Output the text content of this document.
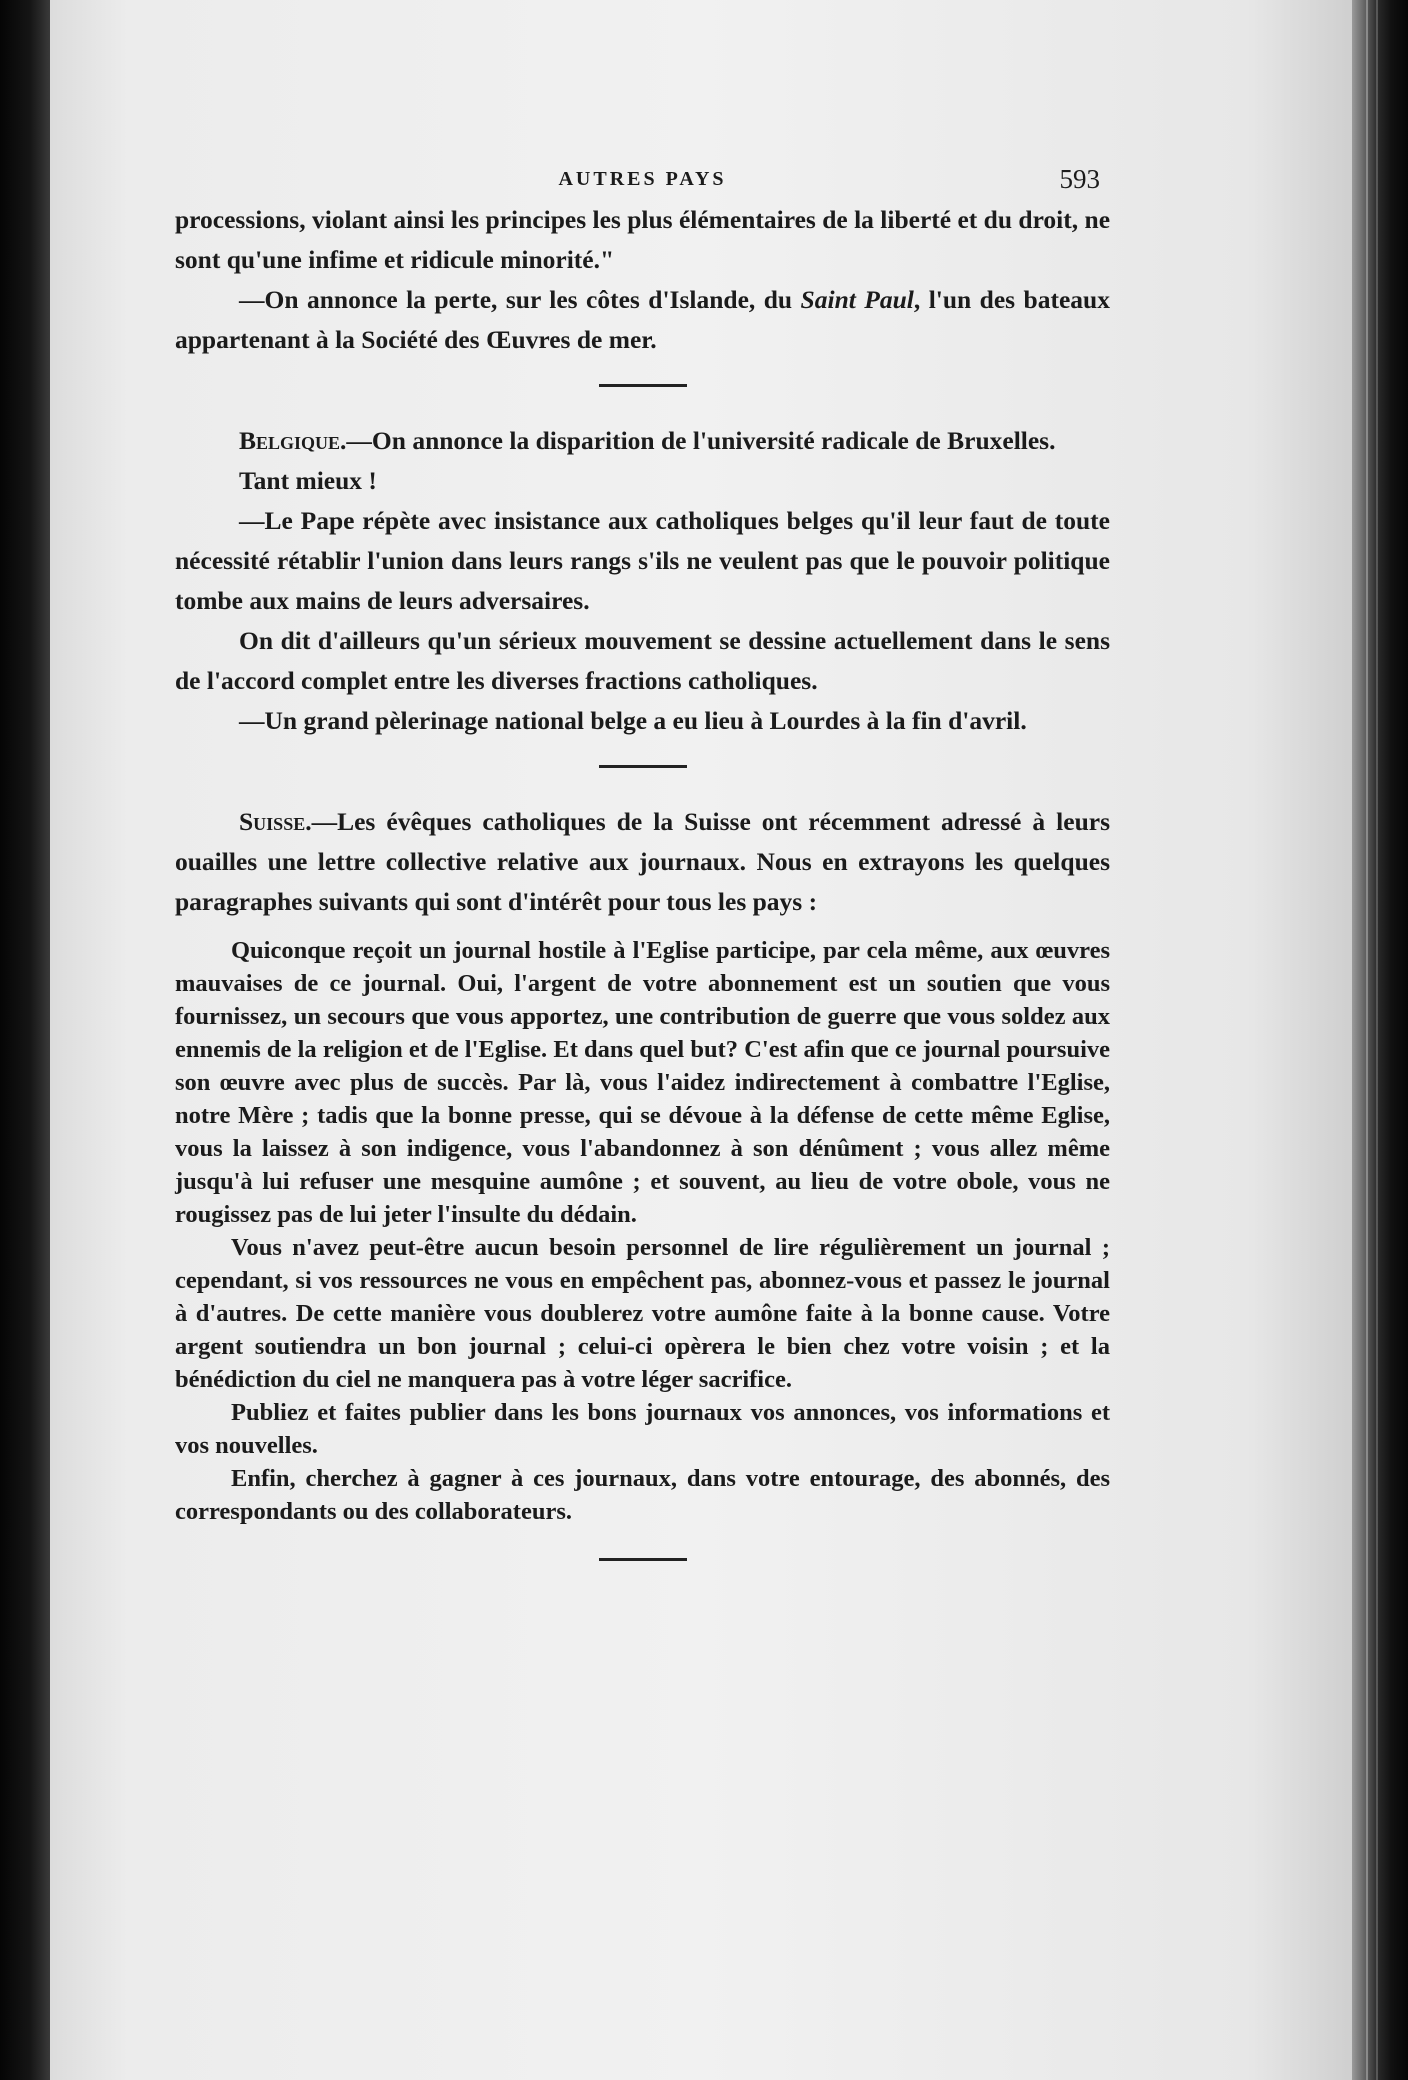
AUTRES PAYS	593

processions, violant ainsi les principes les plus élémentaires de la liberté et du droit, ne sont qu'une infime et ridicule minorité."

—On annonce la perte, sur les côtes d'Islande, du Saint Paul, l'un des bateaux appartenant à la Société des Œuvres de mer.

Belgique.—On annonce la disparition de l'université radicale de Bruxelles.

Tant mieux !

—Le Pape répète avec insistance aux catholiques belges qu'il leur faut de toute nécessité rétablir l'union dans leurs rangs s'ils ne veulent pas que le pouvoir politique tombe aux mains de leurs adversaires.

On dit d'ailleurs qu'un sérieux mouvement se dessine actuellement dans le sens de l'accord complet entre les diverses fractions catholiques.

—Un grand pèlerinage national belge a eu lieu à Lourdes à la fin d'avril.

Suisse.—Les évêques catholiques de la Suisse ont récemment adressé à leurs ouailles une lettre collective relative aux journaux. Nous en extrayons les quelques paragraphes suivants qui sont d'intérêt pour tous les pays :

Quiconque reçoit un journal hostile à l'Eglise participe, par cela même, aux œuvres mauvaises de ce journal. Oui, l'argent de votre abonnement est un soutien que vous fournissez, un secours que vous apportez, une contribution de guerre que vous soldez aux ennemis de la religion et de l'Eglise. Et dans quel but? C'est afin que ce journal poursuive son œuvre avec plus de succès. Par là, vous l'aidez indirectement à combattre l'Eglise, notre Mère ; tadis que la bonne presse, qui se dévoue à la défense de cette même Eglise, vous la laissez à son indigence, vous l'abandonnez à son dénûment ; vous allez même jusqu'à lui refuser une mesquine aumône ; et souvent, au lieu de votre obole, vous ne rougissez pas de lui jeter l'insulte du dédain.

Vous n'avez peut-être aucun besoin personnel de lire régulièrement un journal ; cependant, si vos ressources ne vous en empêchent pas, abonnez-vous et passez le journal à d'autres. De cette manière vous doublerez votre aumône faite à la bonne cause. Votre argent soutiendra un bon journal ; celui-ci opèrera le bien chez votre voisin ; et la bénédiction du ciel ne manquera pas à votre léger sacrifice.

Publiez et faites publier dans les bons journaux vos annonces, vos informations et vos nouvelles.

Enfin, cherchez à gagner à ces journaux, dans votre entourage, des abonnés, des correspondants ou des collaborateurs.
